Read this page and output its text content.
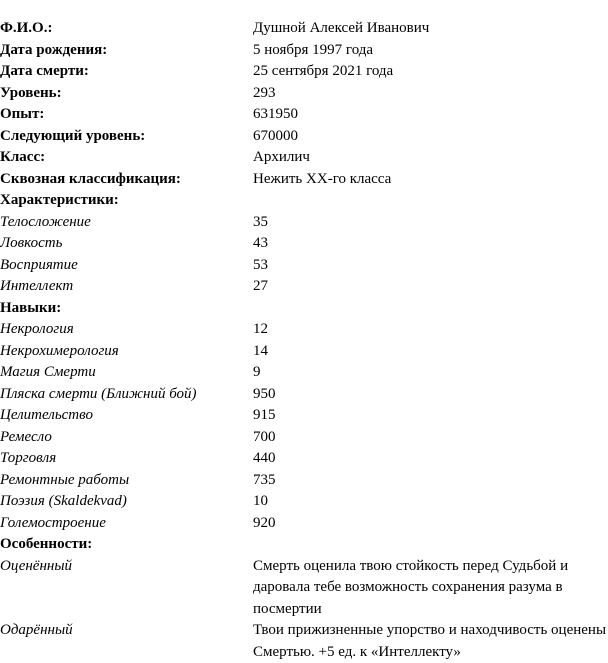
Ф.И.О.:	Душной Алексей Иванович
Дата рождения:	5 ноября 1997 года
Дата смерти:	25 сентября 2021 года
Уровень:	293
Опыт:	631950
Следующий уровень:	670000
Класс:	Архилич
Сквозная классификация:	Нежить XX-го класса
Характеристики:	
Телосложение	35
Ловкость	43
Восприятие	53
Интеллект	27
Навыки:	
Некрология	12
Некрохимерология	14
Магия Смерти	9
Пляска смерти (Ближний бой)	950
Целительство	915
Ремесло	700
Торговля	440
Ремонтные работы	735
Поэзия (Skaldekvad)	10
Големостроение	920
Особенности:	
Оценённый	Смерть оценила твою стойкость перед Судьбой и даровала тебе возможность сохранения разума в посмертии
Одарённый	Твои прижизненные упорство и находчивость оценены Смертью. +5 ед. к «Интеллекту»
